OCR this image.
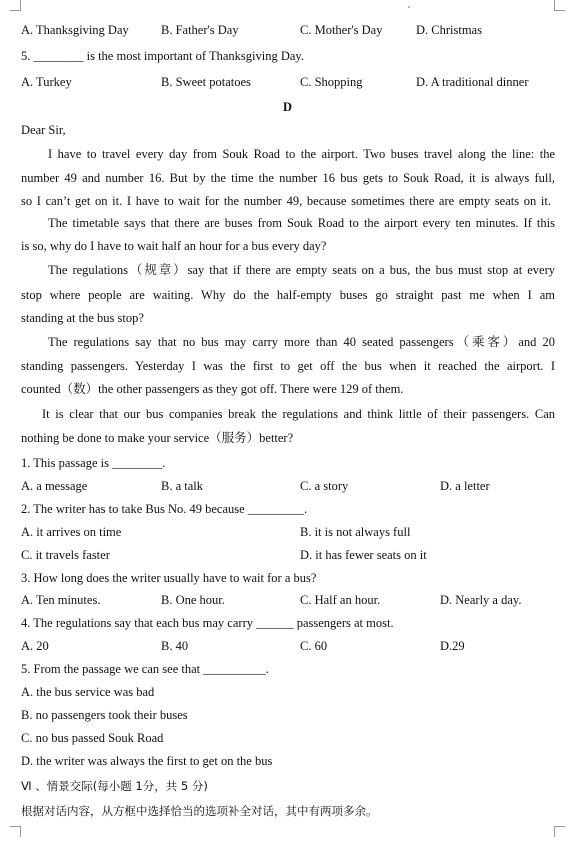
A. Thanksgiving Day	B. Father's Day	C. Mother's Day	D. Christmas
5. ________ is the most important of Thanksgiving Day.
A. Turkey	B. Sweet potatoes	C. Shopping	D. A traditional dinner
D
Dear Sir,
I have to travel every day from Souk Road to the airport. Two buses travel along the line: the
number 49 and number 16. But by the time the number 16 bus gets to Souk Road, it is always full,
so I can’t get on it. I have to wait for the number 49, because sometimes there are empty seats on it.
The timetable says that there are buses from Souk Road to the airport every ten minutes. If this
is so, why do I have to wait half an hour for a bus every day?
The regulations（规章）say that if there are empty seats on a bus, the bus must stop at every
stop where people are waiting. Why do the half-empty buses go straight past me when I am
standing at the bus stop?
The regulations say that no bus may carry more than 40 seated passengers（乘客）and 20
standing passengers. Yesterday I was the first to get off the bus when it reached the airport. I
counted（数）the other passengers as they got off. There were 129 of them.
It is clear that our bus companies break the regulations and think little of their passengers. Can
nothing be done to make your service（服务）better?
1. This passage is ________.
A. a message	B. a talk	C. a story	D. a letter
2. The writer has to take Bus No. 49 because _________.
A. it arrives on time	B. it is not always full
C. it travels faster	D. it has fewer seats on it
3. How long does the writer usually have to wait for a bus?
A. Ten minutes.	B. One hour.	C. Half an hour.	D. Nearly a day.
4. The regulations say that each bus may carry ______ passengers at most.
A. 20	B. 40	C. 60	D.29
5. From the passage we can see that __________.
A. the bus service was bad
B. no passengers took their buses
C. no bus passed Souk Road
D. the writer was always the first to get on the bus
Ⅵ 、情景交际(每小题 1分，共 5 分)
根据对话内容，从方框中选择恰当的选项补全对话，其中有两项多余。
